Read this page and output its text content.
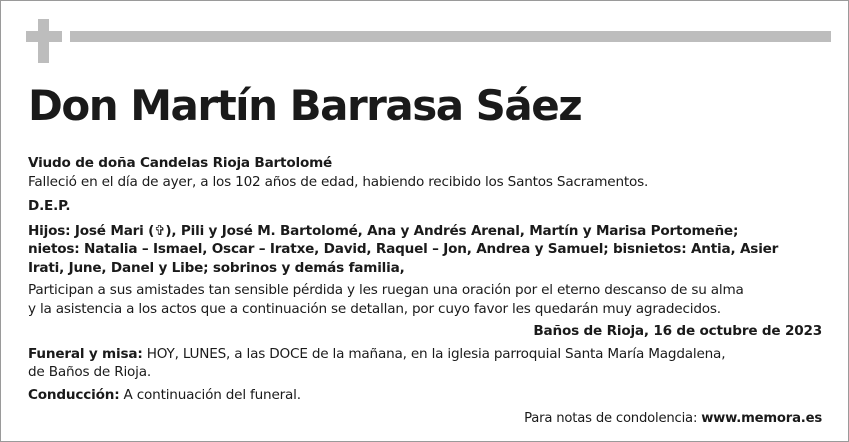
Don Martín Barrasa Sáez

Viudo de doña Candelas Rioja Bartolomé

Falleció en el día de ayer, a los 102 años de edad, habiendo recibido los Santos Sacramentos.

D.E.P.

Hijos: José Mari (✞), Pili y José M. Bartolomé, Ana y Andrés Arenal, Martín y Marisa Portomeñe;

nietos: Natalia – Ismael, Oscar – Iratxe, David, Raquel – Jon, Andrea y Samuel; bisnietos: Antia, Asier

Irati, June, Danel y Libe; sobrinos y demás familia,

Participan a sus amistades tan sensible pérdida y les ruegan una oración por el eterno descanso de su alma

y la asistencia a los actos que a continuación se detallan, por cuyo favor les quedarán muy agradecidos.

Baños de Rioja, 16 de octubre de 2023

Funeral y misa: HOY, LUNES, a las DOCE de la mañana, en la iglesia parroquial Santa María Magdalena,

de Baños de Rioja.

Conducción: A continuación del funeral.

Para notas de condolencia: www.memora.es
